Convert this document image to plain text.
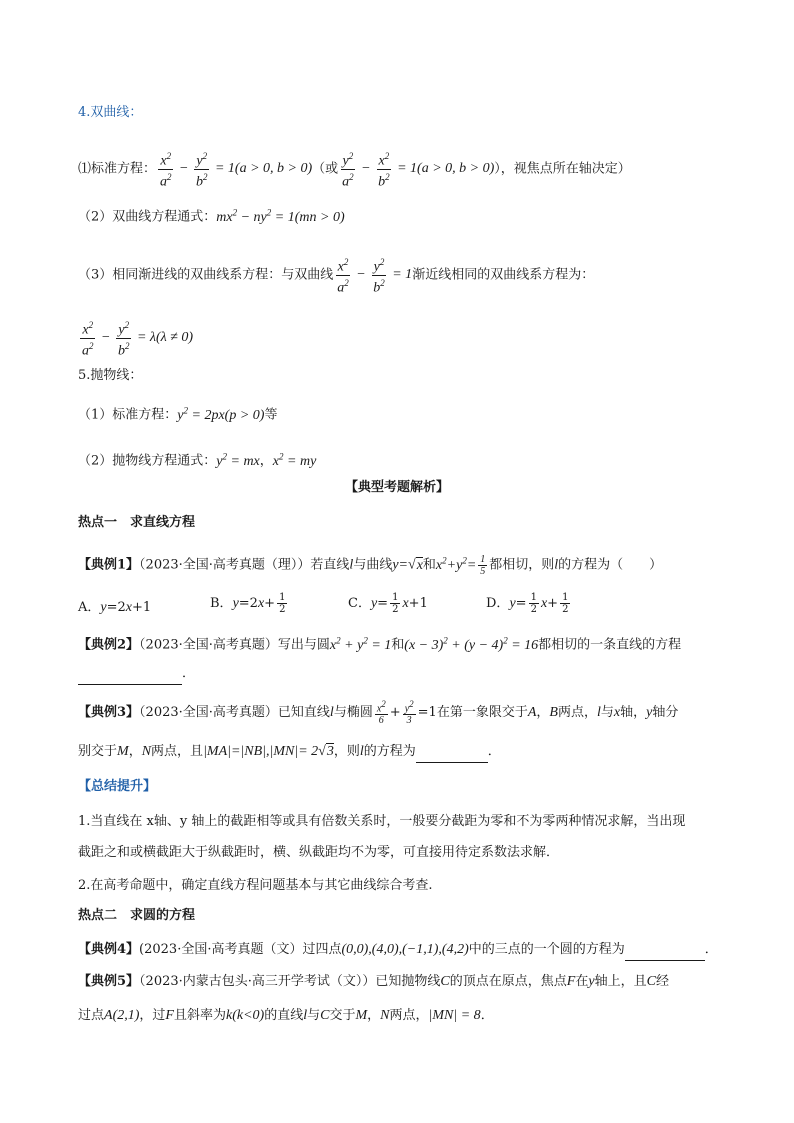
4.双曲线：
⑴标准方程： $\frac{x^2}{a^2} - \frac{y^2}{b^2} = 1(a > 0$, b > 0)（或 $\frac{y^2}{a^2} - \frac{x^2}{b^2} = 1(a > 0$, b > 0)），视焦点所在轴决定）
（2）双曲线方程通式：$mx^2 - ny^2 = 1(mn > 0)$
（3）相同渐进线的双曲线系方程：与双曲线 $\frac{x^2}{a^2} - \frac{y^2}{b^2} = 1$渐近线相同的双曲线系方程为：
$\frac{x^2}{a^2} - \frac{y^2}{b^2} = \lambda(\lambda \ne 0)$
5.抛物线：
（1）标准方程：$y^2 = 2px(p > 0)$等
（2）抛物线方程通式：$y^2$ = mx，$x^2$ = my
【典型考题解析】
热点一　求直线方程
【典例1】（2023·全国·高考真题（理））若直线l与曲线y=√x和$x^2+y^2= \frac{1}{5}$ 都相切，则l的方程为（　　）
A．y=2x+1	B．$y=2x+ \frac{1}{2}$	C．$y= \frac{1}{2} x+1$	D．$y= \frac{1}{2} x+ \frac{1}{2}$
【典例2】（2023·全国·高考真题）写出与圆$x^2 + y^2 = 1$和$(x - 3)^2 + (y - 4)^2 = 16$都相切的一条直线的方程
．
【典例3】（2023·全国·高考真题）已知直线l与椭圆 $\frac{x^2}{6} + \frac{y^2}{3} =1$在第一象限交于A，B两点，l与x轴，y轴分
别交于M，N两点，且|MA|=|NB|,|MN|= 2√3，则l的方程为	．
【总结提升】
1.当直线在 x轴、y 轴上的截距相等或具有倍数关系时，一般要分截距为零和不为零两种情况求解，当出现
截距之和或横截距大于纵截距时，横、纵截距均不为零，可直接用待定系数法求解．
2.在高考命题中，确定直线方程问题基本与其它曲线综合考查.
热点二　求圆的方程
【典例4】(2023·全国·高考真题（文）过四点(0,0),(4,0),(−1,1),(4,2)中的三点的一个圆的方程为	．
【典例5】（2023·内蒙古包头·高三开学考试（文））已知抛物线C的顶点在原点，焦点F在y轴上，且C经
过点A(2,1)，过F且斜率为k(k<0)的直线l与C交于M，N两点，|MN| = 8．
